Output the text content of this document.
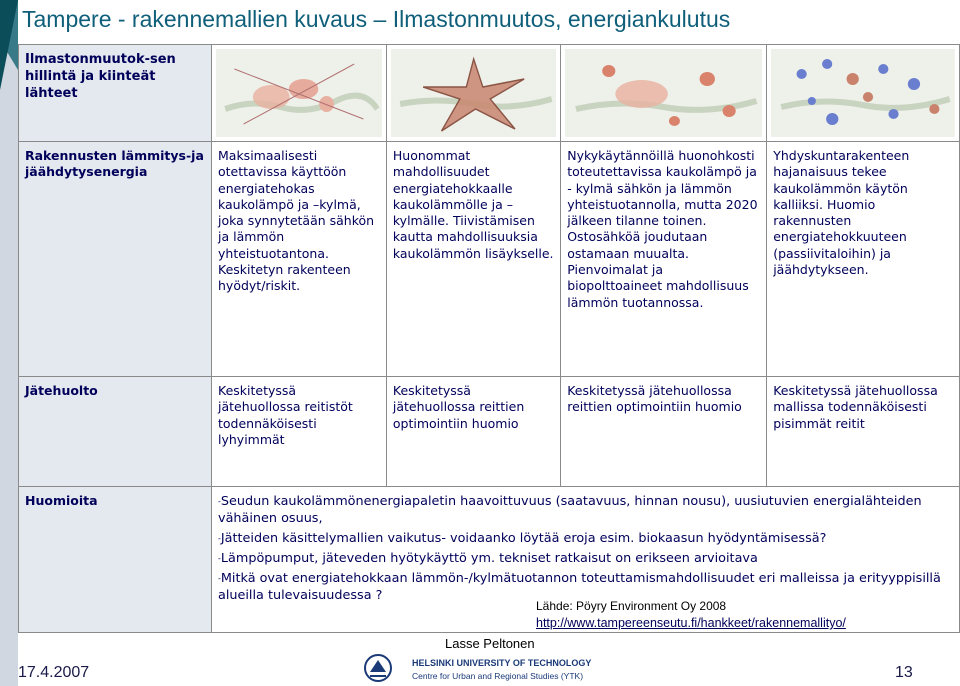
Tampere - rakennemallien kuvaus – Ilmastonmuutos, energiankulutus
Ilmastonmuutok-sen hillintä ja kiinteät lähteet	

Rakennusten lämmitys-ja jäähdytysenergia	Maksimaalisesti otettavissa käyttöön energiatehokas kaukolämpö ja –kylmä, joka synnytetään sähkön ja lämmön yhteistuotantona. Keskitetyn rakenteen hyödyt/riskit.	Huonommat mahdollisuudet energiatehokkaalle kaukolämmölle ja – kylmälle. Tiivistämisen kautta mahdollisuuksia kaukolämmön lisäykselle.	Nykykäytännöillä huonohkosti toteutettavissa kaukolämpö ja - kylmä sähkön ja lämmön yhteistuotannolla, mutta 2020 jälkeen tilanne toinen. Ostosähköä joudutaan ostamaan muualta. Pienvoimalat ja biopolttoaineet mahdollisuus lämmön tuotannossa.	Yhdyskuntarakenteen hajanaisuus tekee kaukolämmön käytön kalliiksi. Huomio rakennusten energiatehokkuuteen (passiivitaloihin) ja jäähdytykseen.
Jätehuolto	Keskitetyssä jätehuollossa reitistöt todennäköisesti lyhyimmät	Keskitetyssä jätehuollossa reittien optimointiin huomio	Keskitetyssä jätehuollossa reittien optimointiin huomio	Keskitetyssä jätehuollossa mallissa todennäköisesti pisimmät reitit
Huomioita	-Seudun kaukolämmönenergiapaletin haavoittuvuus (saatavuus, hinnan nousu), uusiutuvien energialähteiden vähäinen osuus,

-Jätteiden käsittelymallien vaikutus- voidaanko löytää eroja esim. biokaasun hyödyntämisessä?

-Lämpöpumput, jäteveden hyötykäyttö ym. tekniset ratkaisut on erikseen arvioitava

-Mitkä ovat energiatehokkaan lämmön-/kylmätuotannon toteuttamismahdollisuudet eri malleissa ja erityyppisillä alueilla tulevaisuudessa ?			

Lasse Peltonen
Lähde: Pöyry Environment Oy 2008
http://www.tampereenseutu.fi/hankkeet/rakennemallityo/
HELSINKI UNIVERSITY OF TECHNOLOGY
Centre for Urban and Regional Studies (YTK)
17.4.2007	13
